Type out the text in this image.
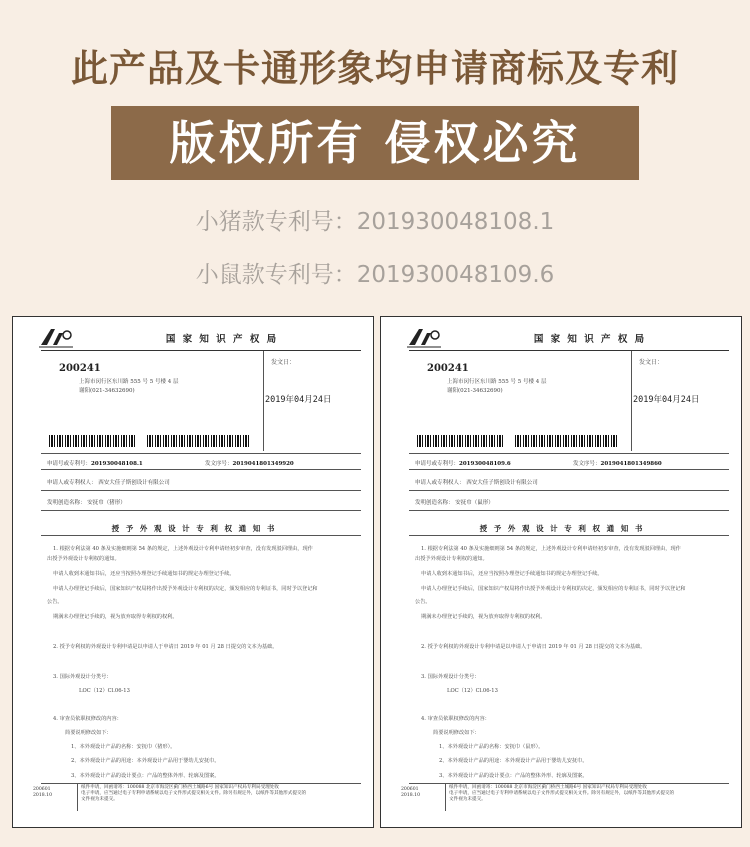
此产品及卡通形象均申请商标及专利
版权所有 侵权必究
小猪款专利号：201930048108.1
小鼠款专利号：201930048109.6
国 家 知 识 产 权 局
200241
上海市闵行区东川路 555 号 5 号楼 4 层
谢阳(021-34632690)
发文日：
2019年04月24日
申请号或专利号：201930048108.1	发文序号：2019041801349920
申请人或专利权人： 西安大佳子斯创设计有限公司
发明创造名称： 安抚巾（猪形）
授 予 外 观 设 计 专 利 权 通 知 书
1. 根据专利法第 40 条及实施细则第 54 条的规定，上述外观设计专利申请经初步审查，没有发现驳回理由，现作
出授予外观设计专利权的通知。
申请人收到本通知书后，还应当按照办理登记手续通知书的规定办理登记手续。
申请人办理登记手续后，国家知识产权局将作出授予外观设计专利权的决定，颁发相应的专利证书，同时予以登记和
公告。
期满未办理登记手续的，视为放弃取得专利权的权利。
2. 授予专利权的外观设计专利申请是以申请人于申请日 2019 年 01 月 28 日提交的文本为基础。
3. 国际外观设计分类号：
LOC（12）Cl.06-13
4. 审查员依职权修改的内容：
简要说明修改如下：
1、本外观设计产品的名称：安抚巾（猪形）。
2、本外观设计产品的用途：本外观设计产品用于婴幼儿安抚巾。
3、本外观设计产品的设计要点：产品的整体外形、轮廓及图案。
200601
2018.10
纸件申请，回函请寄：100088 北京市海淀区蓟门桥西土城路6号 国家知识产权局专利局受理处收
电子申请，应当通过电子专利申请系统以电子文件形式提交相关文件。除另有规定外，以纸件等其他形式提交的
文件视为未提交。
国 家 知 识 产 权 局
200241
上海市闵行区东川路 555 号 5 号楼 4 层
谢阳(021-34632690)
发文日：
2019年04月24日
申请号或专利号：201930048109.6	发文序号：2019041801349860
申请人或专利权人： 西安大佳子斯创设计有限公司
发明创造名称： 安抚巾（鼠形）
授 予 外 观 设 计 专 利 权 通 知 书
1. 根据专利法第 40 条及实施细则第 54 条的规定，上述外观设计专利申请经初步审查，没有发现驳回理由，现作
出授予外观设计专利权的通知。
申请人收到本通知书后，还应当按照办理登记手续通知书的规定办理登记手续。
申请人办理登记手续后，国家知识产权局将作出授予外观设计专利权的决定，颁发相应的专利证书，同时予以登记和
公告。
期满未办理登记手续的，视为放弃取得专利权的权利。
2. 授予专利权的外观设计专利申请是以申请人于申请日 2019 年 01 月 28 日提交的文本为基础。
3. 国际外观设计分类号：
LOC（12）Cl.06-13
4. 审查员依职权修改的内容：
简要说明修改如下：
1、本外观设计产品的名称：安抚巾（鼠形）。
2、本外观设计产品的用途：本外观设计产品用于婴幼儿安抚巾。
3、本外观设计产品的设计要点：产品的整体外形、轮廓及图案。
200601
2018.10
纸件申请，回函请寄：100088 北京市海淀区蓟门桥西土城路6号 国家知识产权局专利局受理处收
电子申请，应当通过电子专利申请系统以电子文件形式提交相关文件。除另有规定外，以纸件等其他形式提交的
文件视为未提交。
